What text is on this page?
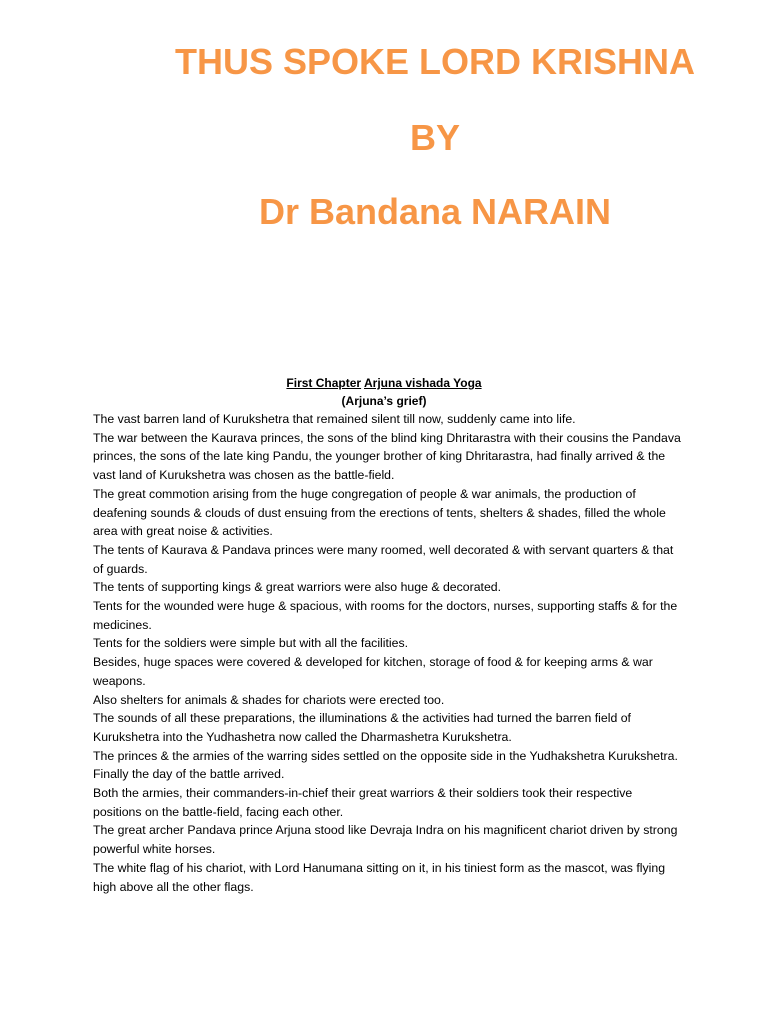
THUS SPOKE LORD KRISHNA
BY
Dr Bandana NARAIN
First Chapter Arjuna vishada Yoga
(Arjuna’s grief)

The vast barren land of Kurukshetra that remained silent till now, suddenly came into life.

The war between the Kaurava princes, the sons of the blind king Dhritarastra with their cousins the Pandava princes, the sons of the late king Pandu, the younger brother of king Dhritarastra, had finally arrived & the vast land of Kurukshetra was chosen as the battle-field.

The great commotion arising from the huge congregation of people & war animals, the production of deafening sounds & clouds of dust ensuing from the erections of tents, shelters & shades, filled the whole area with great noise & activities.

The tents of Kaurava & Pandava princes were many roomed, well decorated & with servant quarters & that of guards.

The tents of supporting kings & great warriors were also huge & decorated.

Tents for the wounded were huge & spacious, with rooms for the doctors, nurses, supporting staffs & for the medicines.

Tents for the soldiers were simple but with all the facilities.

Besides, huge spaces were covered & developed for kitchen, storage of food & for keeping arms & war weapons.

Also shelters for animals & shades for chariots were erected too.

The sounds of all these preparations, the illuminations & the activities had turned the barren field of Kurukshetra into the Yudhashetra now called the Dharmashetra Kurukshetra.

The princes & the armies of the warring sides settled on the opposite side in the Yudhakshetra Kurukshetra.

Finally the day of the battle arrived.

Both the armies, their commanders-in-chief their great warriors & their soldiers took their respective positions on the battle-field, facing each other.

The great archer Pandava prince Arjuna stood like Devraja Indra on his magnificent chariot driven by strong powerful white horses.

The white flag of his chariot, with Lord Hanumana sitting on it, in his tiniest form as the mascot, was flying high above all the other flags.
